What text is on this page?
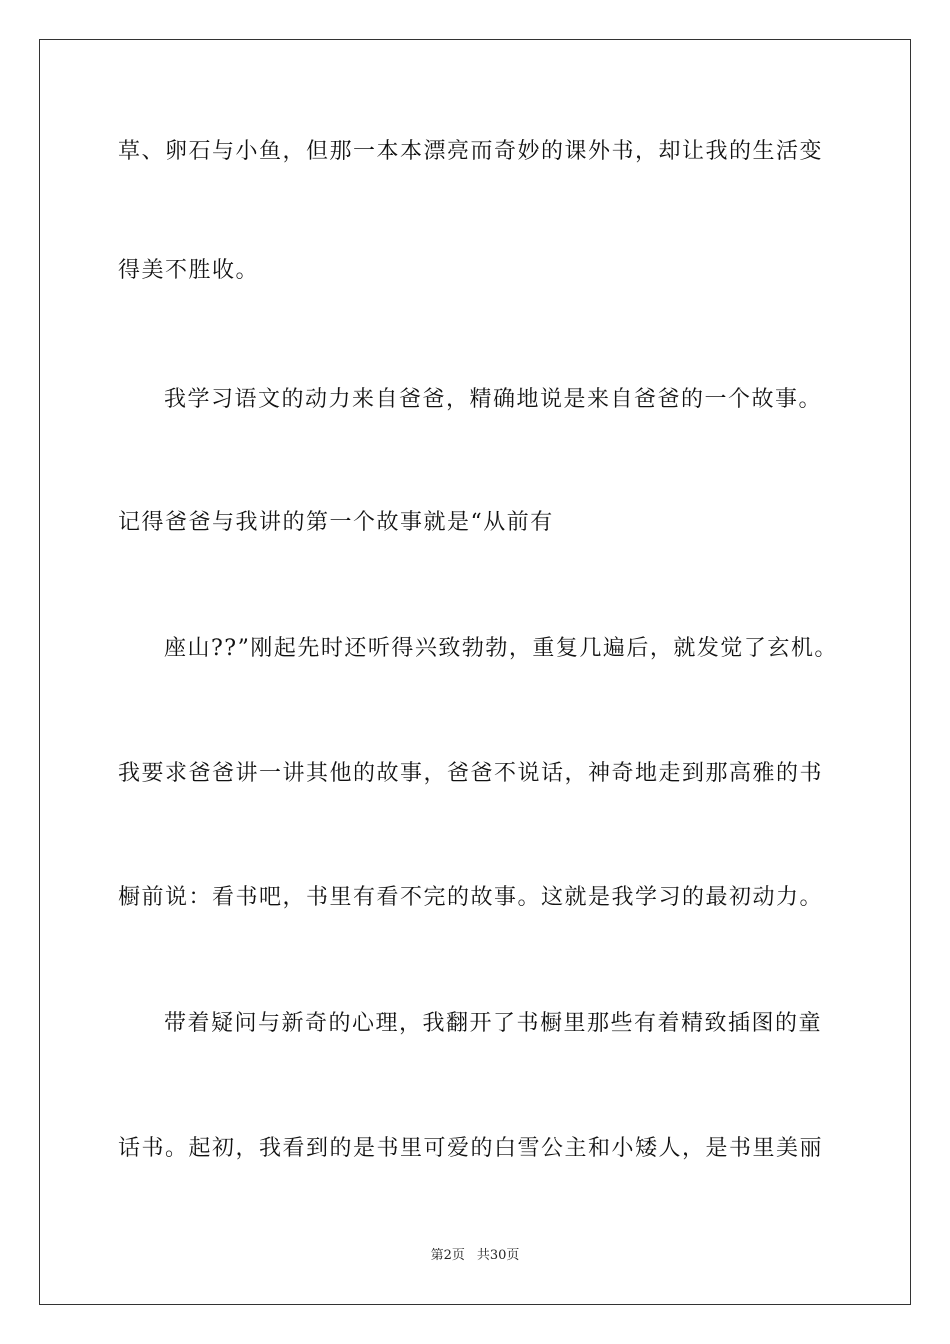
草、卵石与小鱼，但那一本本漂亮而奇妙的课外书，却让我的生活变
得美不胜收。
我学习语文的动力来自爸爸，精确地说是来自爸爸的一个故事。
记得爸爸与我讲的第一个故事就是“从前有
座山??”刚起先时还听得兴致勃勃，重复几遍后，就发觉了玄机。
我要求爸爸讲一讲其他的故事，爸爸不说话，神奇地走到那高雅的书
橱前说：看书吧，书里有看不完的故事。这就是我学习的最初动力。
带着疑问与新奇的心理，我翻开了书橱里那些有着精致插图的童
话书。起初，我看到的是书里可爱的白雪公主和小矮人，是书里美丽
第2页 共30页
